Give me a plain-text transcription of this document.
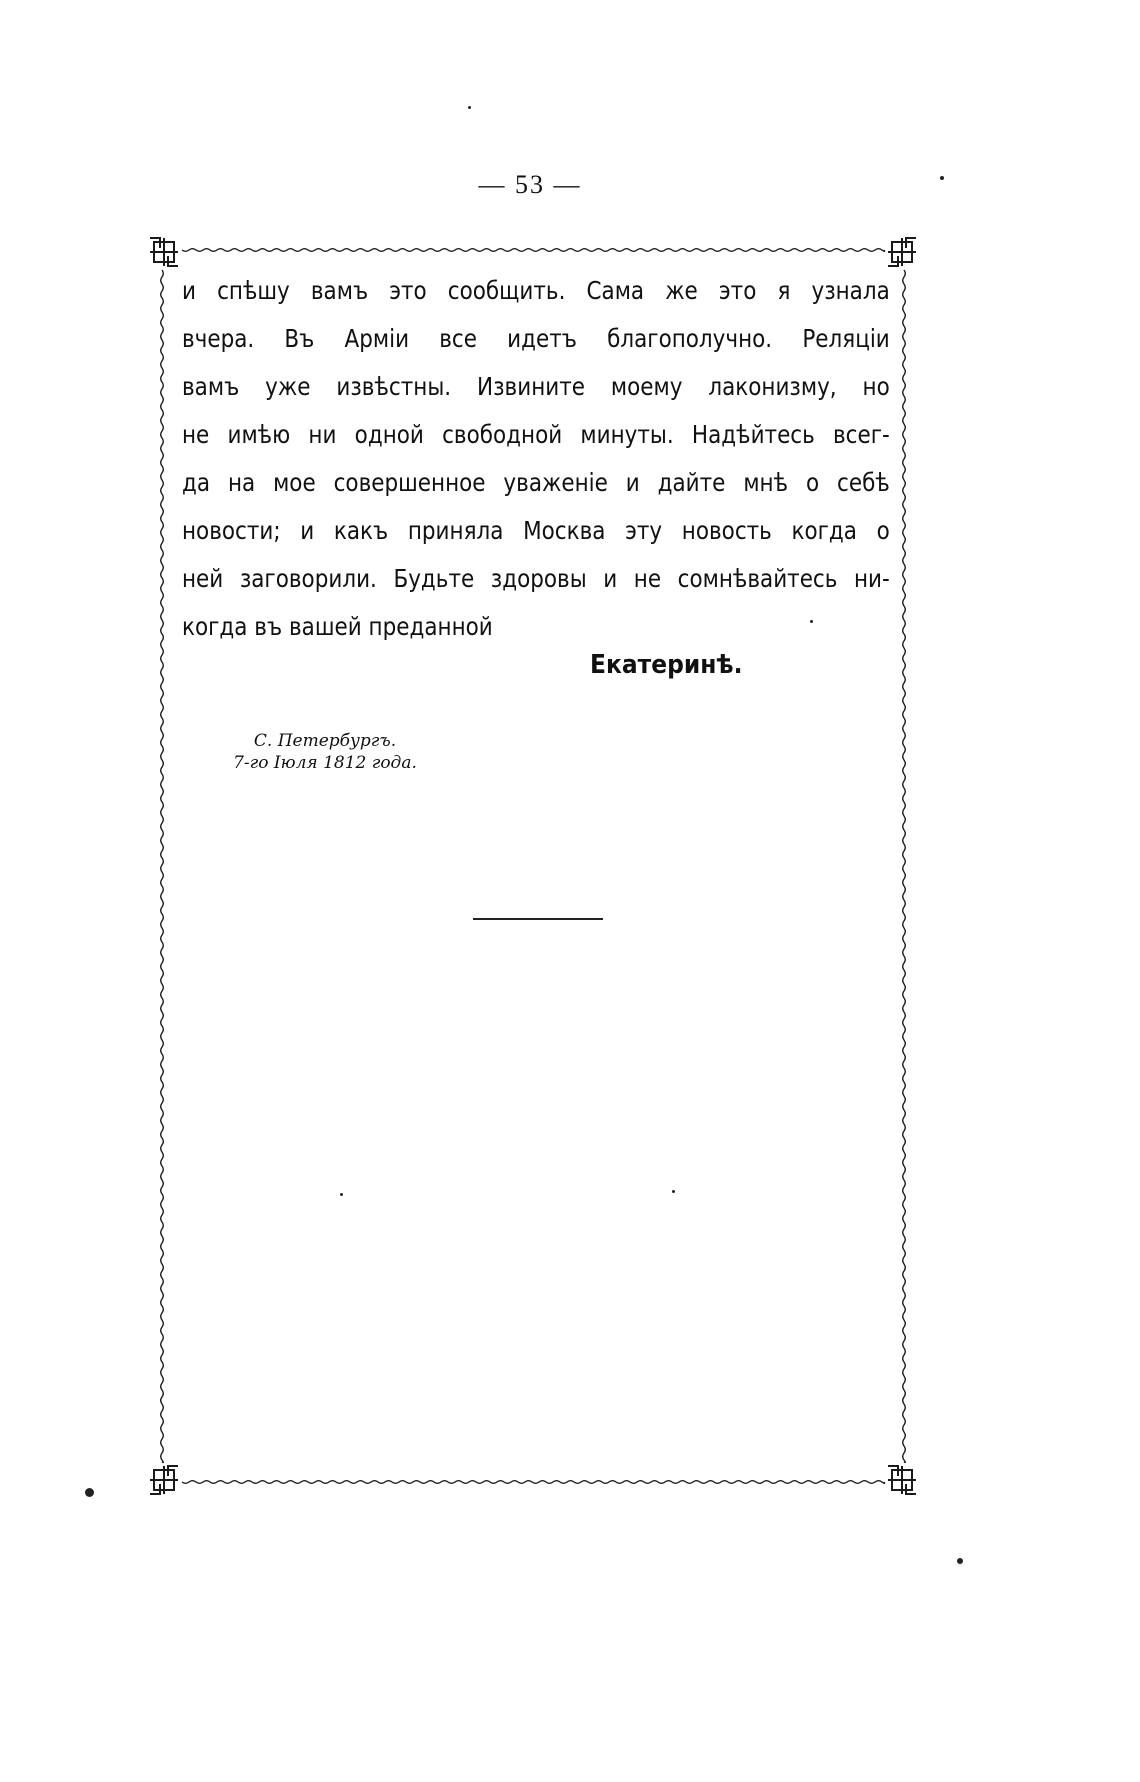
— 53 —
и спѣшу вамъ это сообщить. Сама же это я узнала
вчера. Въ Арміи все идетъ благополучно. Реляціи
вамъ уже извѣстны. Извините моему лаконизму, но
не имѣю ни одной свободной минуты. Надѣйтесь всег-
да на мое совершенное уваженіе и дайте мнѣ о себѣ
новости; и какъ приняла Москва эту новость когда о
ней заговорили. Будьте здоровы и не сомнѣвайтесь ни-
когда въ вашей преданной
Екатеринѣ.
С. Петербургъ.
7-го Іюля 1812 года.
